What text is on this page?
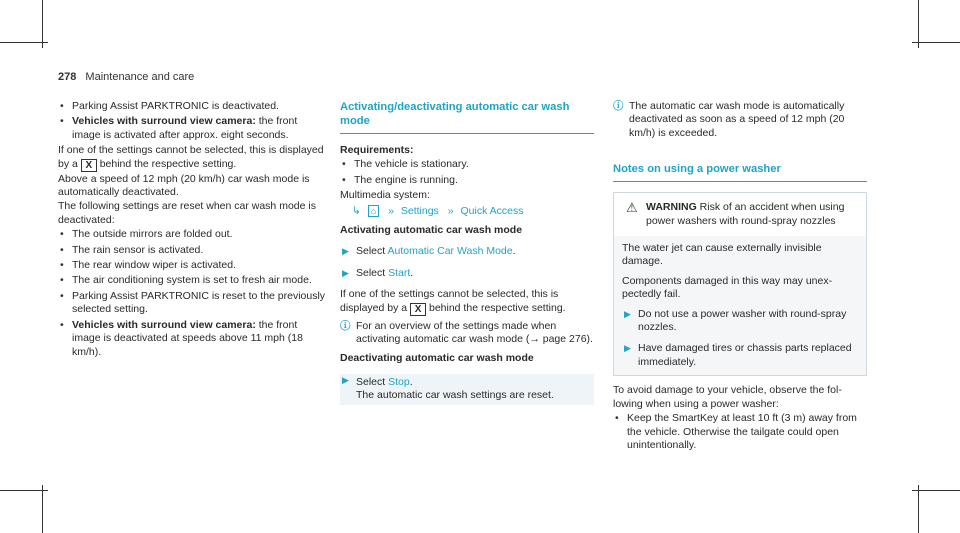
278 Maintenance and care
• Parking Assist PARKTRONIC is deactivated.
• Vehicles with surround view camera: the front image is activated after approx. eight seconds.

If one of the settings cannot be selected, this is displayed by a X behind the respective setting.

Above a speed of 12 mph (20 km/h) car wash mode is automatically deactivated.

The following settings are reset when car wash mode is deactivated:

• The outside mirrors are folded out.
• The rain sensor is activated.
• The rear window wiper is activated.
• The air conditioning system is set to fresh air mode.
• Parking Assist PARKTRONIC is reset to the previously selected setting.
• Vehicles with surround view camera: the front image is deactivated at speeds above 11 mph (18 km/h).
Activating/deactivating automatic car wash mode

Requirements:

• The vehicle is stationary.
• The engine is running.

Multimedia system:

↳ ⌂ » Settings » Quick Access

Activating automatic car wash mode

▶ Select Automatic Car Wash Mode.
▶ Select Start.

If one of the settings cannot be selected, this is displayed by a X behind the respective setting.

ⓘ For an overview of the settings made when activating automatic car wash mode (→ page 276).

Deactivating automatic car wash mode

▶ Select Stop.
The automatic car wash settings are reset.
ⓘ The automatic car wash mode is automatically deactivated as soon as a speed of 12 mph (20 km/h) is exceeded.
Notes on using a power washer
⚠ WARNING Risk of an accident when using power washers with round-spray nozzles

The water jet can cause externally invisible damage.

Components damaged in this way may unexpectedly fail.

▶ Do not use a power washer with round-spray nozzles.
▶ Have damaged tires or chassis parts replaced immediately.

To avoid damage to your vehicle, observe the following when using a power washer:

• Keep the SmartKey at least 10 ft (3 m) away from the vehicle. Otherwise the tailgate could open unintentionally.
